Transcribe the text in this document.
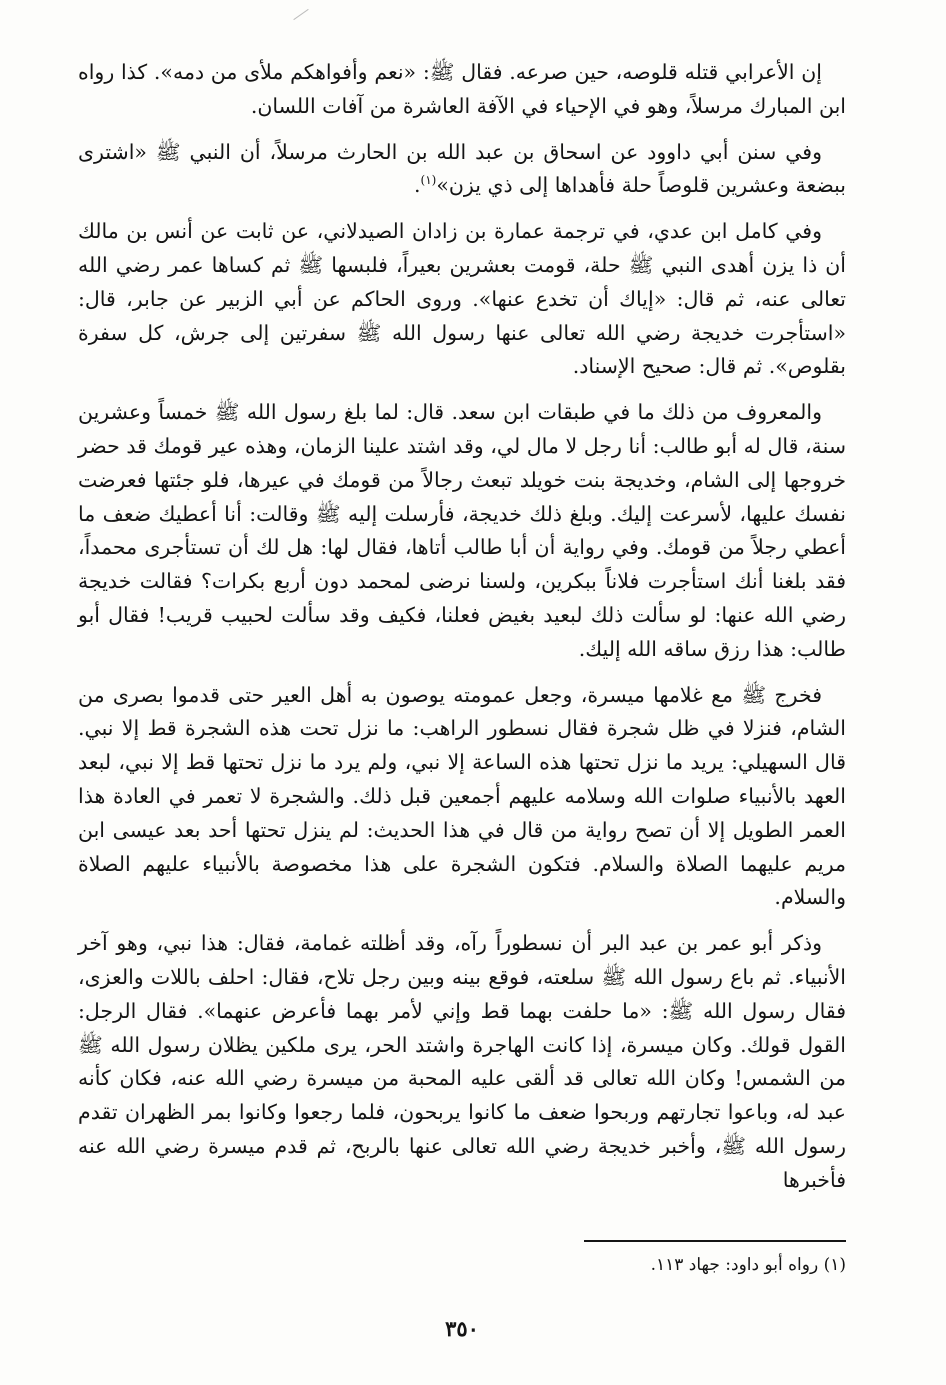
إن الأعرابي قتله قلوصه، حين صرعه. فقال ﷺ: «نعم وأفواهكم ملأى من دمه». كذا رواه ابن المبارك مرسلاً، وهو في الإحياء في الآفة العاشرة من آفات اللسان.

وفي سنن أبي داوود عن اسحاق بن عبد الله بن الحارث مرسلاً، أن النبي ﷺ «اشترى ببضعة وعشرين قلوصاً حلة فأهداها إلى ذي يزن»$^{(١)}$.

وفي كامل ابن عدي، في ترجمة عمارة بن زادان الصيدلاني، عن ثابت عن أنس بن مالك أن ذا يزن أهدى النبي ﷺ حلة، قومت بعشرين بعيراً، فلبسها ﷺ ثم كساها عمر رضي الله تعالى عنه، ثم قال: «إياك أن تخدع عنها». وروى الحاكم عن أبي الزبير عن جابر، قال: «استأجرت خديجة رضي الله تعالى عنها رسول الله ﷺ سفرتين إلى جرش، كل سفرة بقلوص». ثم قال: صحيح الإسناد.

والمعروف من ذلك ما في طبقات ابن سعد. قال: لما بلغ رسول الله ﷺ خمساً وعشرين سنة، قال له أبو طالب: أنا رجل لا مال لي، وقد اشتد علينا الزمان، وهذه عير قومك قد حضر خروجها إلى الشام، وخديجة بنت خويلد تبعث رجالاً من قومك في عيرها، فلو جئتها فعرضت نفسك عليها، لأسرعت إليك. وبلغ ذلك خديجة، فأرسلت إليه ﷺ وقالت: أنا أعطيك ضعف ما أعطي رجلاً من قومك. وفي رواية أن أبا طالب أتاها، فقال لها: هل لك أن تستأجرى محمداً، فقد بلغنا أنك استأجرت فلاناً ببكرين، ولسنا نرضى لمحمد دون أربع بكرات؟ فقالت خديجة رضي الله عنها: لو سألت ذلك لبعيد بغيض فعلنا، فكيف وقد سألت لحبيب قريب! فقال أبو طالب: هذا رزق ساقه الله إليك.

فخرج ﷺ مع غلامها ميسرة، وجعل عمومته يوصون به أهل العير حتى قدموا بصرى من الشام، فنزلا في ظل شجرة فقال نسطور الراهب: ما نزل تحت هذه الشجرة قط إلا نبي. قال السهيلي: يريد ما نزل تحتها هذه الساعة إلا نبي، ولم يرد ما نزل تحتها قط إلا نبي، لبعد العهد بالأنبياء صلوات الله وسلامه عليهم أجمعين قبل ذلك. والشجرة لا تعمر في العادة هذا العمر الطويل إلا أن تصح رواية من قال في هذا الحديث: لم ينزل تحتها أحد بعد عيسى ابن مريم عليهما الصلاة والسلام. فتكون الشجرة على هذا مخصوصة بالأنبياء عليهم الصلاة والسلام.

وذكر أبو عمر بن عبد البر أن نسطوراً رآه، وقد أظلته غمامة، فقال: هذا نبي، وهو آخر الأنبياء. ثم باع رسول الله ﷺ سلعته، فوقع بينه وبين رجل تلاح، فقال: احلف باللات والعزى، فقال رسول الله ﷺ: «ما حلفت بهما قط وإني لأمر بهما فأعرض عنهما». فقال الرجل: القول قولك. وكان ميسرة، إذا كانت الهاجرة واشتد الحر، يرى ملكين يظلان رسول الله ﷺ من الشمس! وكان الله تعالى قد ألقى عليه المحبة من ميسرة رضي الله عنه، فكان كأنه عبد له، وباعوا تجارتهم وربحوا ضعف ما كانوا يربحون، فلما رجعوا وكانوا بمر الظهران تقدم رسول الله ﷺ، وأخبر خديجة رضي الله تعالى عنها بالربح، ثم قدم ميسرة رضي الله عنه فأخبرها

(١) رواه أبو داود: جهاد ١١٣.

٣٥٠
